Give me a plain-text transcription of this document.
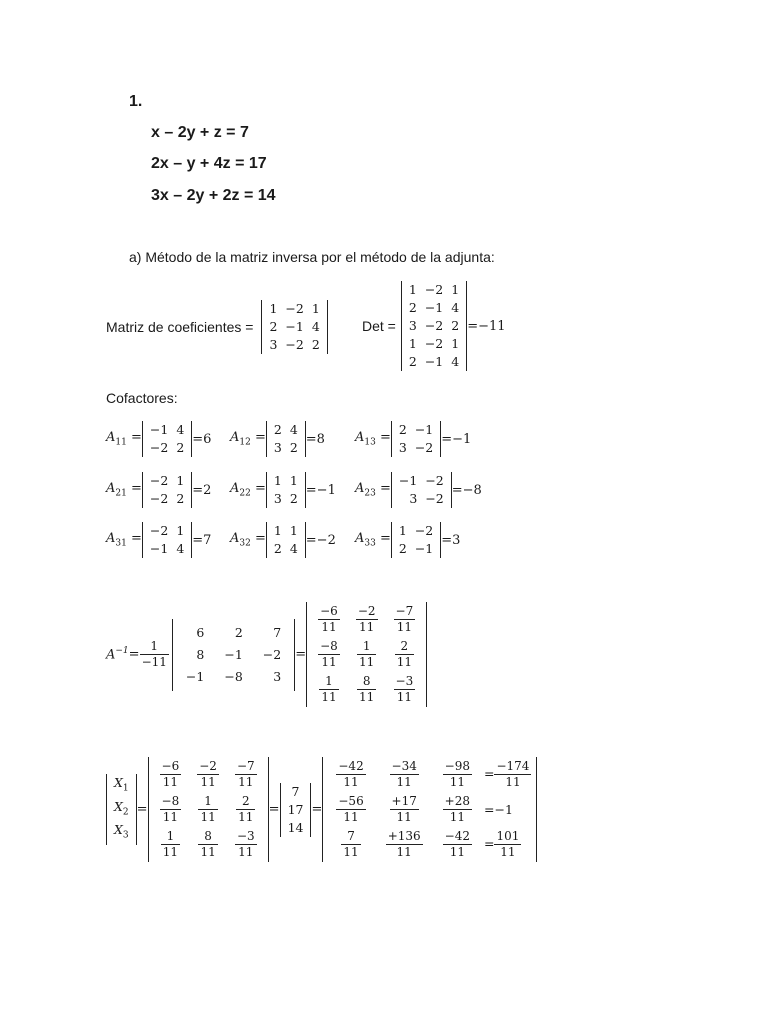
1.
x – 2y + z = 7
2x – y + 4z = 17
3x – 2y + 2z = 14
a) Método de la matriz inversa por el método de la adjunta:
Matriz de coeficientes =
1	−2	1
2	−1	4
3	−2	2
Det =
1	−2	1
2	−1	4
3	−2	2
1	−2	1
2	−1	4
=−11
Cofactores:
$A_{11}$ =
−1	4
−2	2
=6 $A_{12}$ =
2	4
3	2
=8 $A_{13}$ =
2	−1
3	−2
=−1
$A_{21}$ =
−2	1
−2	2
=2 $A_{22}$ =
1	1
3	2
=−1 $A_{23}$ =
−1	−2
3	−2
=−8
$A_{31}$ =
−2	1
−1	4
=7 $A_{32}$ =
1	1
2	4
=−2 $A_{33}$ =
1	−2
2	−1
=3
$A^{-1} = \frac{1}{-11}$
6	2	7
8	−1	−2
−1	−8	3
=
$\frac{-6}{11}$	$\frac{-2}{11}$	$\frac{-7}{11}$

$\frac{-8}{11}$	$\frac{1}{11}$	$\frac{2}{11}$

$\frac{1}{11}$	$\frac{8}{11}$	$\frac{-3}{11}$
$X_1$
$X_2$
$X_3$
=
$\frac{-6}{11}$	$\frac{-2}{11}$	$\frac{-7}{11}$

$\frac{-8}{11}$	$\frac{1}{11}$	$\frac{2}{11}$

$\frac{1}{11}$	$\frac{8}{11}$	$\frac{-3}{11}$
=
7
17
14
=
$\frac{-42}{11}$	$\frac{-34}{11}$	$\frac{-98}{11}$	= $\frac{-174}{11}$

$\frac{-56}{11}$	$\frac{+17}{11}$	$\frac{+28}{11}$	=−1

$\frac{7}{11}$	$\frac{+136}{11}$	$\frac{-42}{11}$	= $\frac{101}{11}$
